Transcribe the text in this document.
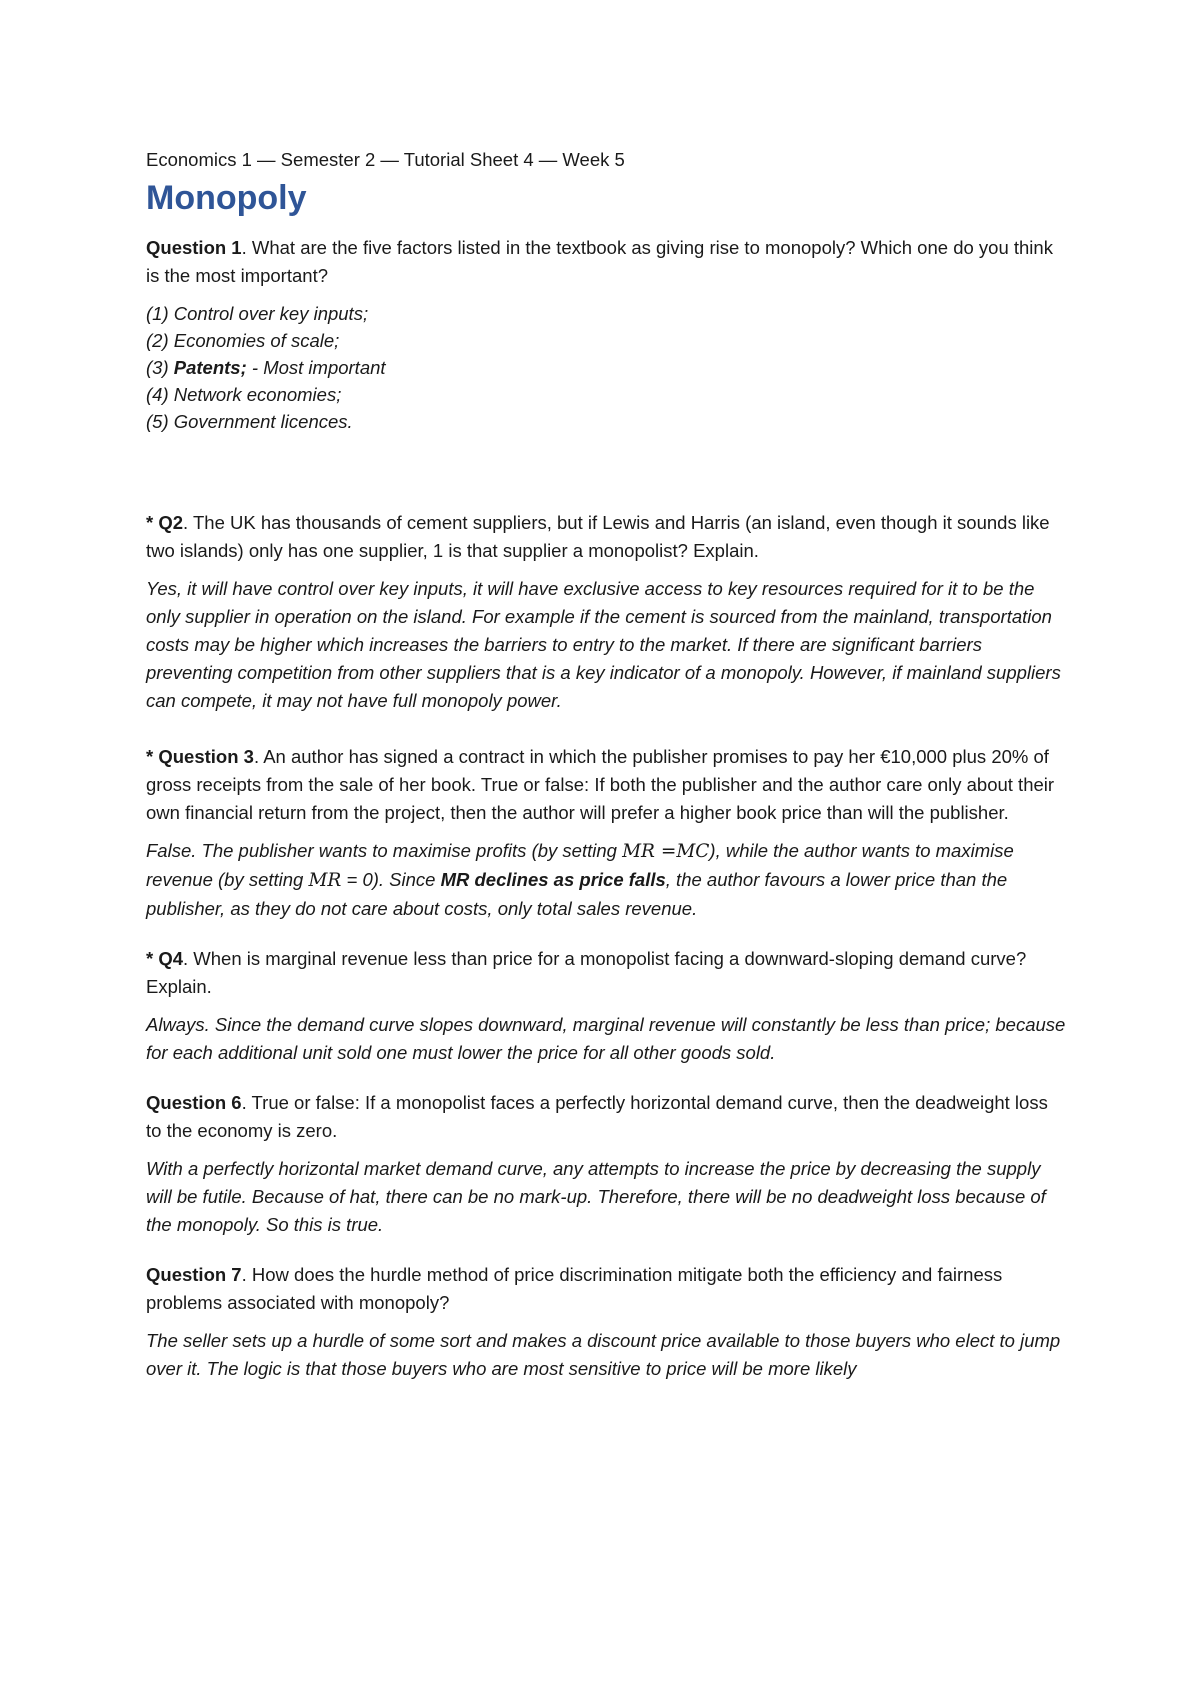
Economics 1 — Semester 2 — Tutorial Sheet 4 — Week 5

Monopoly

Question 1. What are the five factors listed in the textbook as giving rise to monopoly? Which one do you think is the most important?

(1) Control over key inputs;
(2) Economies of scale;
(3) Patents; - Most important
(4) Network economies;
(5) Government licences.

* Q2. The UK has thousands of cement suppliers, but if Lewis and Harris (an island, even though it sounds like two islands) only has one supplier, 1 is that supplier a monopolist? Explain.

Yes, it will have control over key inputs, it will have exclusive access to key resources required for it to be the only supplier in operation on the island. For example if the cement is sourced from the mainland, transportation costs may be higher which increases the barriers to entry to the market. If there are significant barriers preventing competition from other suppliers that is a key indicator of a monopoly. However, if mainland suppliers can compete, it may not have full monopoly power.

* Question 3. An author has signed a contract in which the publisher promises to pay her €10,000 plus 20% of gross receipts from the sale of her book. True or false: If both the publisher and the author care only about their own financial return from the project, then the author will prefer a higher book price than will the publisher.

False. The publisher wants to maximise profits (by setting MR =MC), while the author wants to maximise revenue (by setting MR = 0). Since MR declines as price falls, the author favours a lower price than the publisher, as they do not care about costs, only total sales revenue.

* Q4. When is marginal revenue less than price for a monopolist facing a downward-sloping demand curve? Explain.

Always. Since the demand curve slopes downward, marginal revenue will constantly be less than price; because for each additional unit sold one must lower the price for all other goods sold.

Question 6. True or false: If a monopolist faces a perfectly horizontal demand curve, then the deadweight loss to the economy is zero.

With a perfectly horizontal market demand curve, any attempts to increase the price by decreasing the supply will be futile. Because of hat, there can be no mark-up. Therefore, there will be no deadweight loss because of the monopoly. So this is true.

Question 7. How does the hurdle method of price discrimination mitigate both the efficiency and fairness problems associated with monopoly?

The seller sets up a hurdle of some sort and makes a discount price available to those buyers who elect to jump over it. The logic is that those buyers who are most sensitive to price will be more likely
